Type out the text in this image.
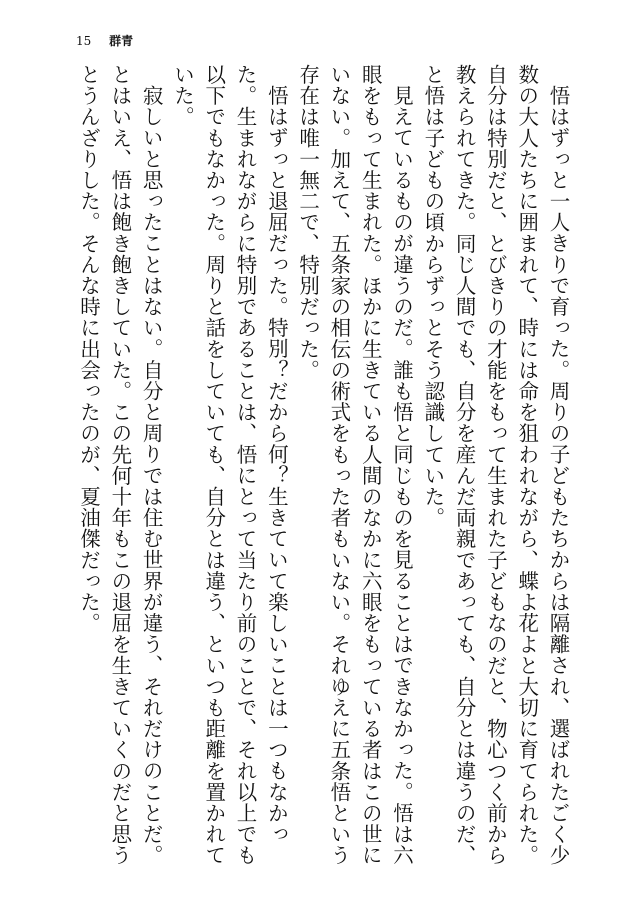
15 群青

悟はずっと一人きりで育った。周りの子どもたちからは隔離され、選ばれたごく少数の大人たちに囲まれて、時には命を狙われながら、蝶よ花よと大切に育てられた。自分は特別だと、とびきりの才能をもって生まれた子どもなのだと、物心つく前から教えられてきた。同じ人間でも、自分を産んだ両親であっても、自分とは違うのだ、と悟は子どもの頃からずっとそう認識していた。

見えているものが違うのだ。誰も悟と同じものを見ることはできなかった。悟は六眼をもって生まれた。ほかに生きている人間のなかに六眼をもっている者はこの世にいない。加えて、五条家の相伝の術式をもった者もいない。それゆえに五条悟という存在は唯一無二で、特別だった。

悟はずっと退屈だった。特別？だから何？生きていて楽しいことは一つもなかった。生まれながらに特別であることは、悟にとって当たり前のことで、それ以上でも以下でもなかった。周りと話をしていても、自分とは違う、といつも距離を置かれていた。

寂しいと思ったことはない。自分と周りでは住む世界が違う、それだけのことだ。とはいえ、悟は飽き飽きしていた。この先何十年もこの退屈を生きていくのだと思うとうんざりした。そんな時に出会ったのが、夏油傑だった。
